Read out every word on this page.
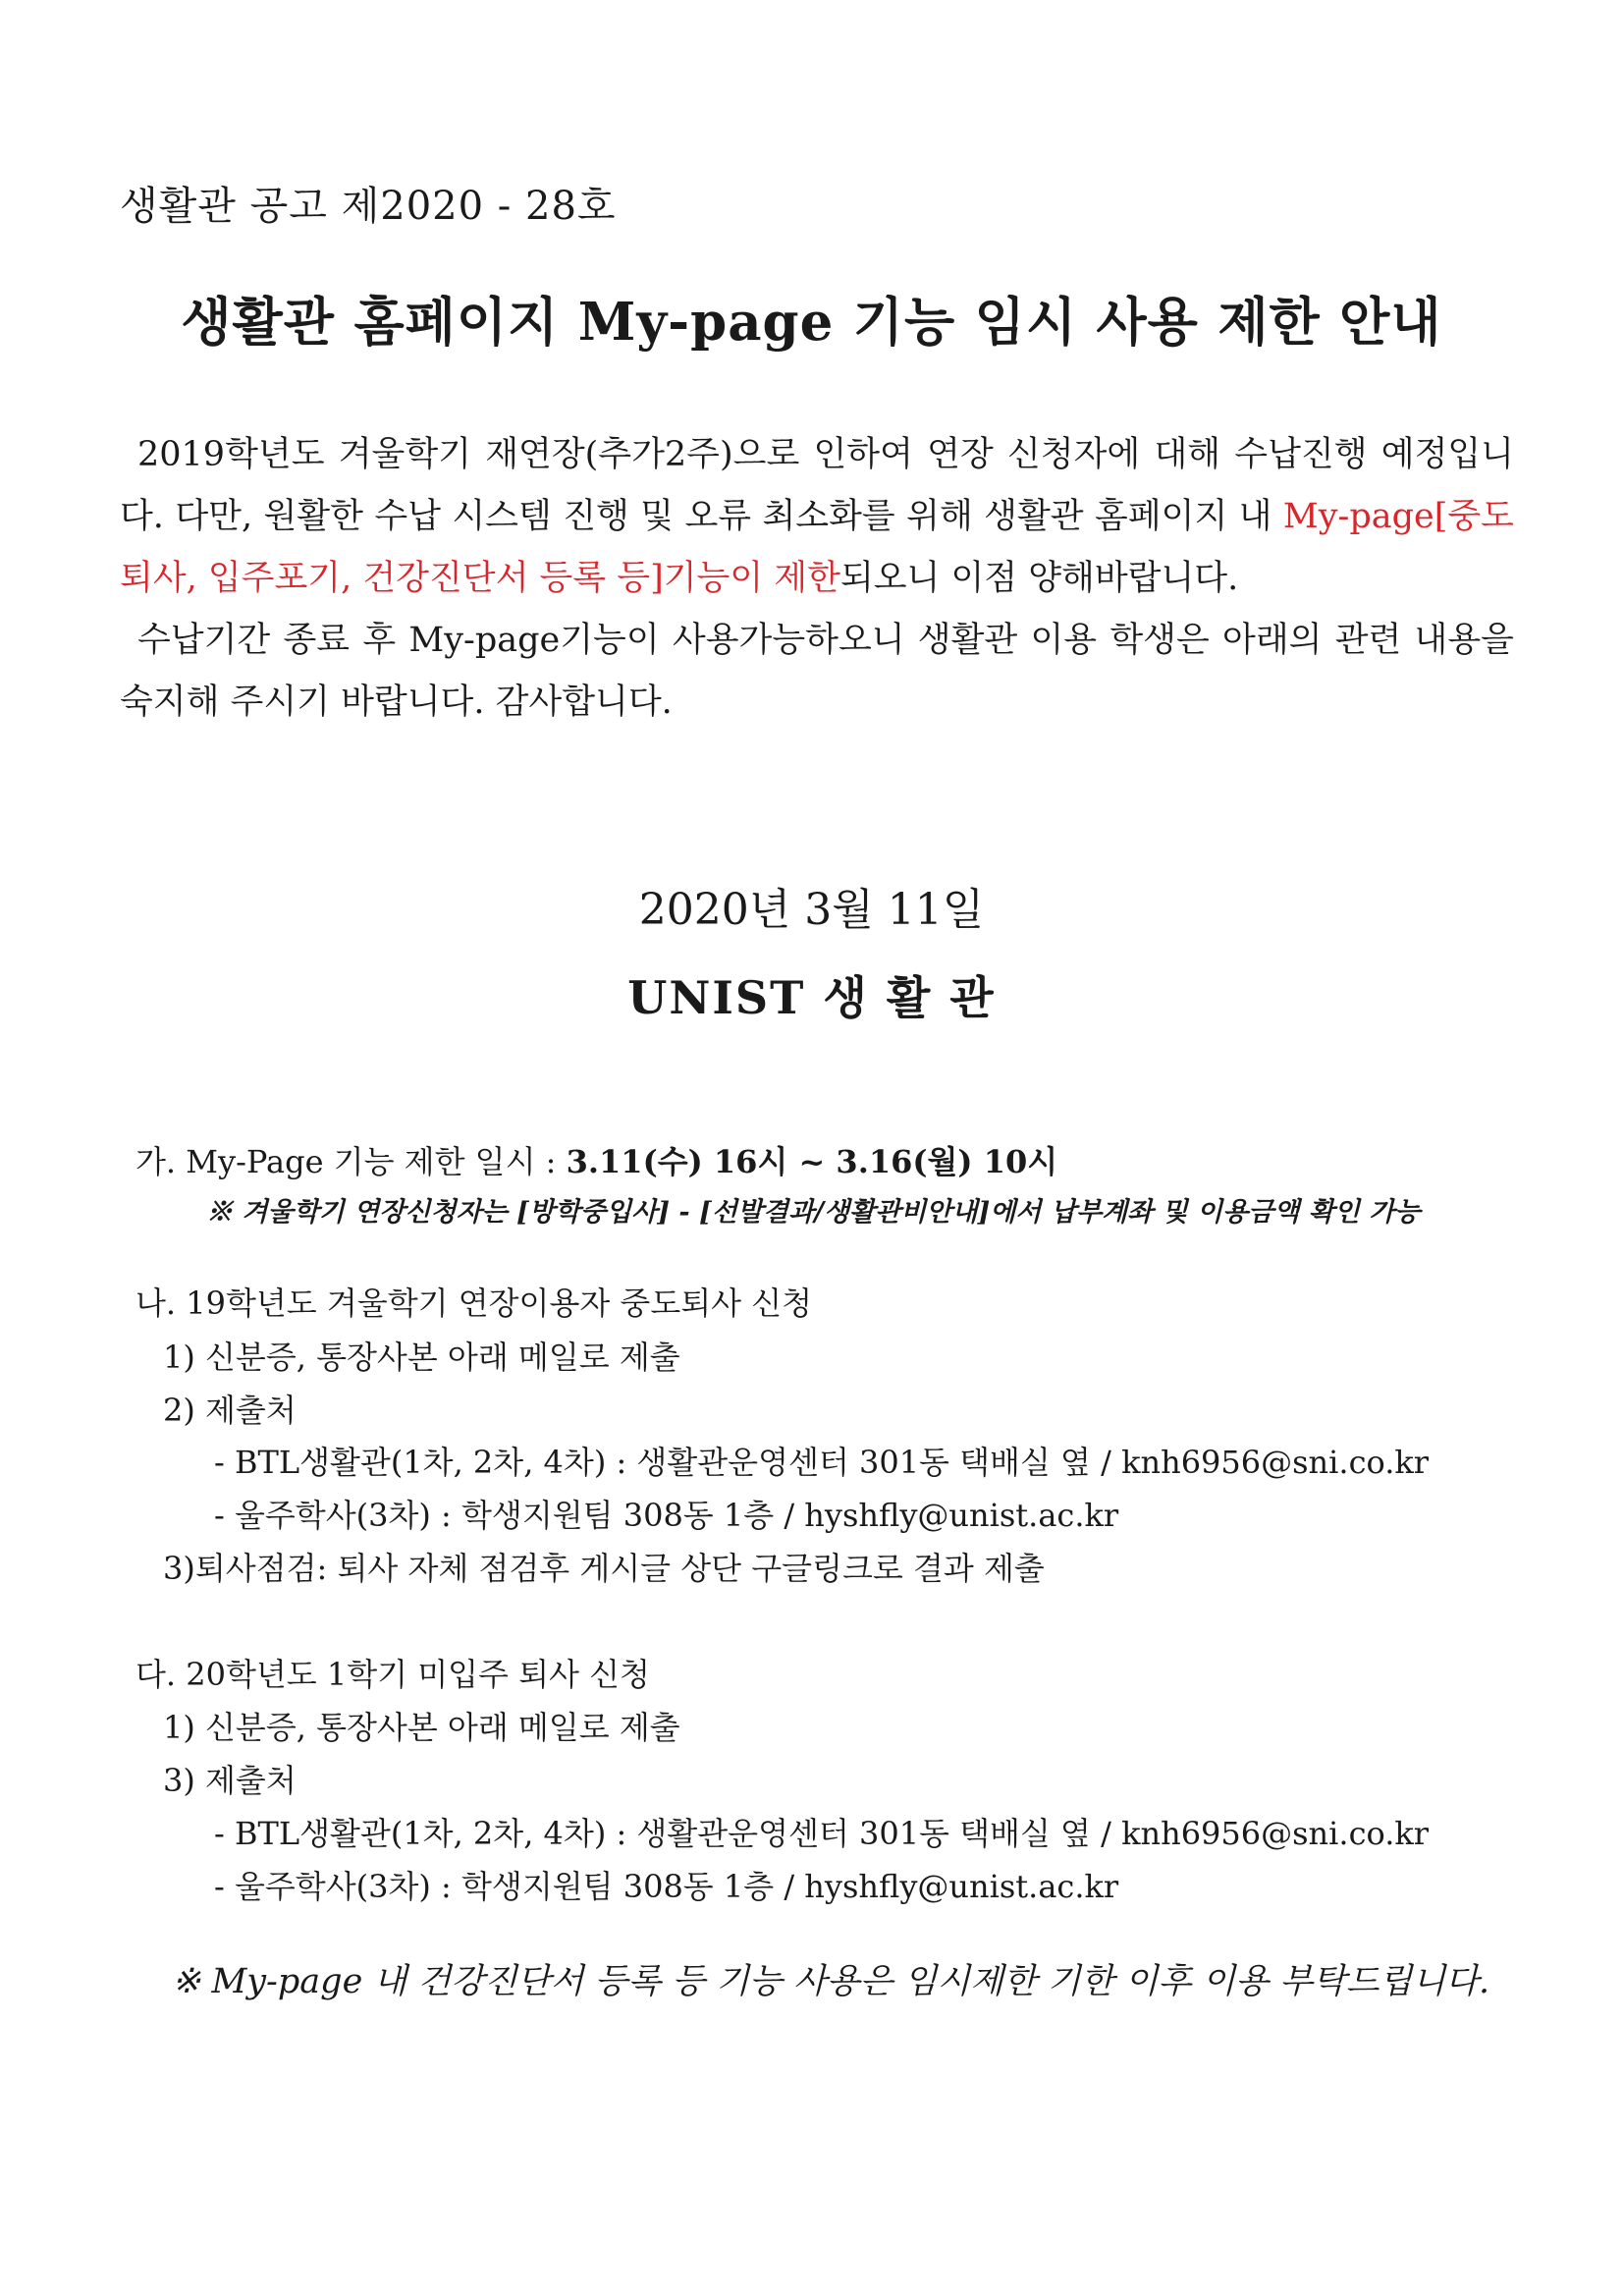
생활관 공고 제2020 - 28호
생활관 홈페이지 My-page 기능 임시 사용 제한 안내

2019학년도 겨울학기 재연장(추가2주)으로 인하여 연장 신청자에 대해 수납진행 예정입니다. 다만, 원활한 수납 시스템 진행 및 오류 최소화를 위해 생활관 홈페이지 내 My-page[중도퇴사, 입주포기, 건강진단서 등록 등]기능이 제한되오니 이점 양해바랍니다.

수납기간 종료 후 My-page기능이 사용가능하오니 생활관 이용 학생은 아래의 관련 내용을 숙지해 주시기 바랍니다. 감사합니다.

2020년 3월 11일
UNIST 생 활 관
가. My-Page 기능 제한 일시 : 3.11(수) 16시 ~ 3.16(월) 10시
※ 겨울학기 연장신청자는 [방학중입사] - [선발결과/생활관비안내]에서 납부계좌 및 이용금액 확인 가능
나. 19학년도 겨울학기 연장이용자 중도퇴사 신청
1) 신분증, 통장사본 아래 메일로 제출
2) 제출처
- BTL생활관(1차, 2차, 4차) : 생활관운영센터 301동 택배실 옆 / knh6956@sni.co.kr
- 울주학사(3차) : 학생지원팀 308동 1층 / hyshfly@unist.ac.kr
3)퇴사점검: 퇴사 자체 점검후 게시글 상단 구글링크로 결과 제출
다. 20학년도 1학기 미입주 퇴사 신청
1) 신분증, 통장사본 아래 메일로 제출
3) 제출처
- BTL생활관(1차, 2차, 4차) : 생활관운영센터 301동 택배실 옆 / knh6956@sni.co.kr
- 울주학사(3차) : 학생지원팀 308동 1층 / hyshfly@unist.ac.kr
※ My-page 내 건강진단서 등록 등 기능 사용은 임시제한 기한 이후 이용 부탁드립니다.
